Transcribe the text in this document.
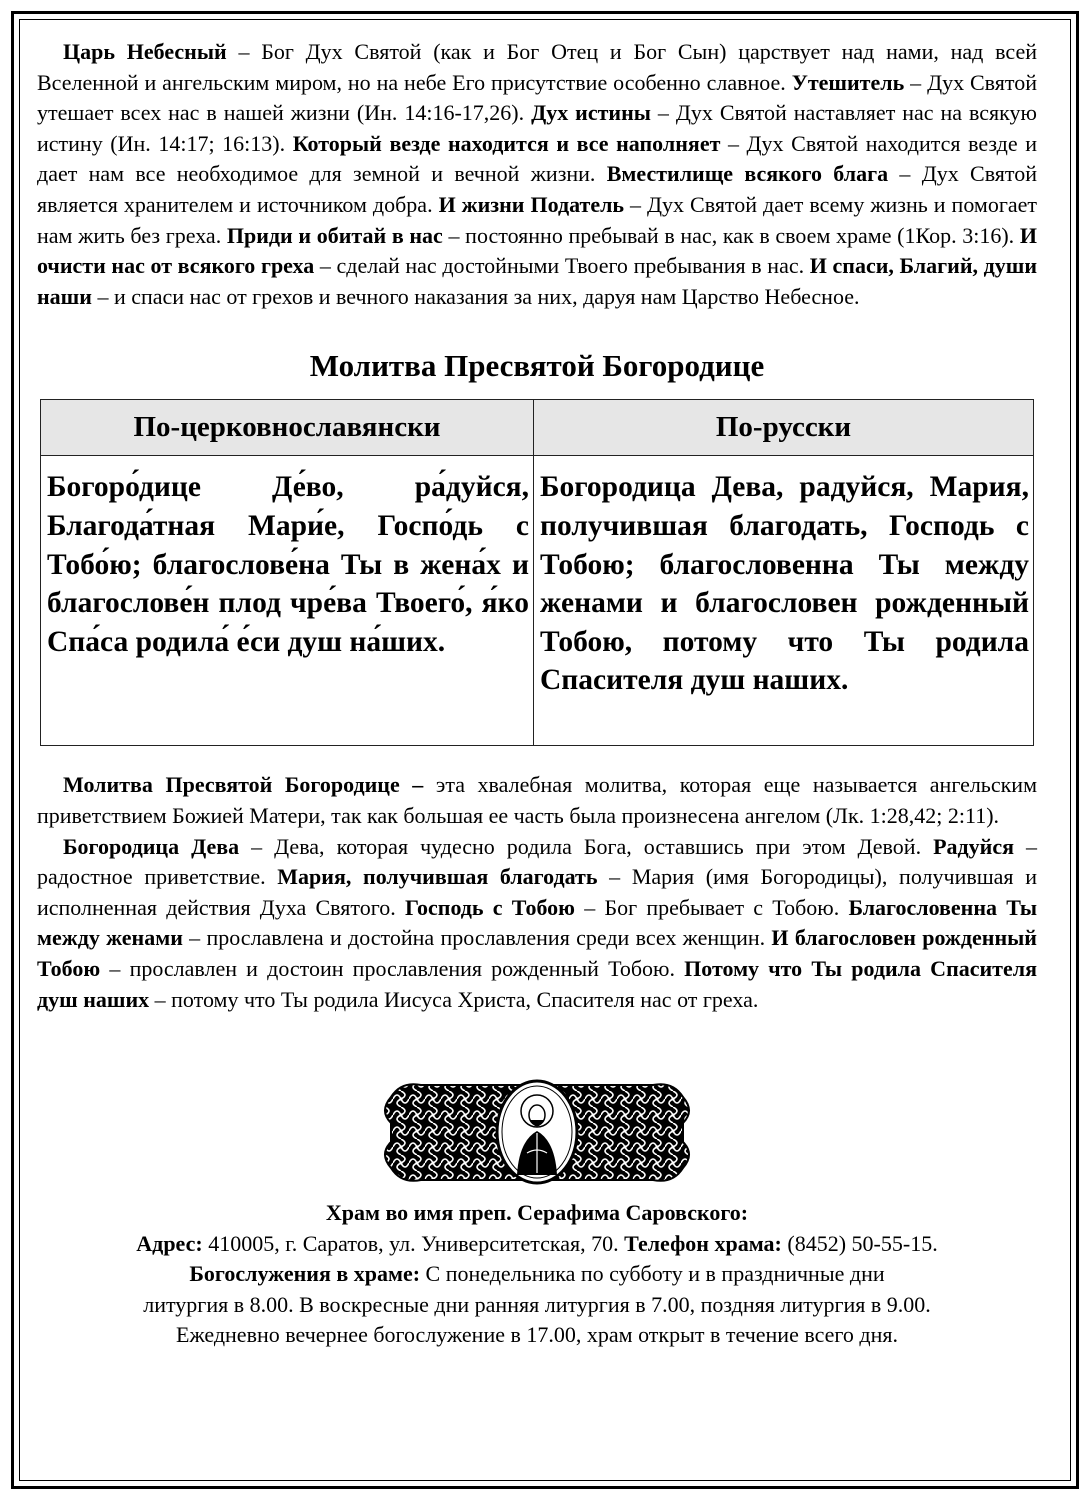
Царь Небесный – Бог Дух Святой (как и Бог Отец и Бог Сын) царствует над нами, над всей Вселенной и ангельским миром, но на небе Его присутствие особенно славное. Утешитель – Дух Святой утешает всех нас в нашей жизни (Ин. 14:16-17,26). Дух истины – Дух Святой наставляет нас на всякую истину (Ин. 14:17; 16:13). Который везде находится и все наполняет – Дух Святой находится везде и дает нам все необходимое для земной и вечной жизни. Вместилище всякого блага – Дух Святой является хранителем и источником добра. И жизни Податель – Дух Святой дает всему жизнь и помогает нам жить без греха. Приди и обитай в нас – постоянно пребывай в нас, как в своем храме (1Кор. 3:16). И очисти нас от всякого греха – сделай нас достойными Твоего пребывания в нас. И спаси, Благий, души наши – и спаси нас от грехов и вечного наказания за них, даруя нам Царство Небесное.

Молитва Пресвятой Богородице
По-церковнославянски	По-русски
Богоро́дице Де́во, ра́дуйся, Благода́тная Мари́е, Госпо́дь с Тобо́ю; благослове́на Ты в жена́х и благослове́н плод чре́ва Твоего́, я́ко Спа́са родила́ е́си душ на́ших.	Богородица Дева, радуйся, Мария, получившая благодать, Господь с Тобою; благословенна Ты между женами и благословен рожденный Тобою, потому что Ты родила Спасителя душ наших.

Молитва Пресвятой Богородице – эта хвалебная молитва, которая еще называется ангельским приветствием Божией Матери, так как большая ее часть была произнесена ангелом (Лк. 1:28,42; 2:11).

Богородица Дева – Дева, которая чудесно родила Бога, оставшись при этом Девой. Радуйся – радостное приветствие. Мария, получившая благодать – Мария (имя Богородицы), получившая и исполненная действия Духа Святого. Господь с Тобою – Бог пребывает с Тобою. Благословенна Ты между женами – прославлена и достойна прославления среди всех женщин. И благословен рожденный Тобою – прославлен и достоин прославления рожденный Тобою. Потому что Ты родила Спасителя душ наших – потому что Ты родила Иисуса Христа, Спасителя нас от греха.

Храм во имя преп. Серафима Саровского:
Адрес: 410005, г. Саратов, ул. Университетская, 70. Телефон храма: (8452) 50-55-15.
Богослужения в храме: С понедельника по субботу и в праздничные дни
литургия в 8.00. В воскресные дни ранняя литургия в 7.00, поздняя литургия в 9.00.
Ежедневно вечернее богослужение в 17.00, храм открыт в течение всего дня.
